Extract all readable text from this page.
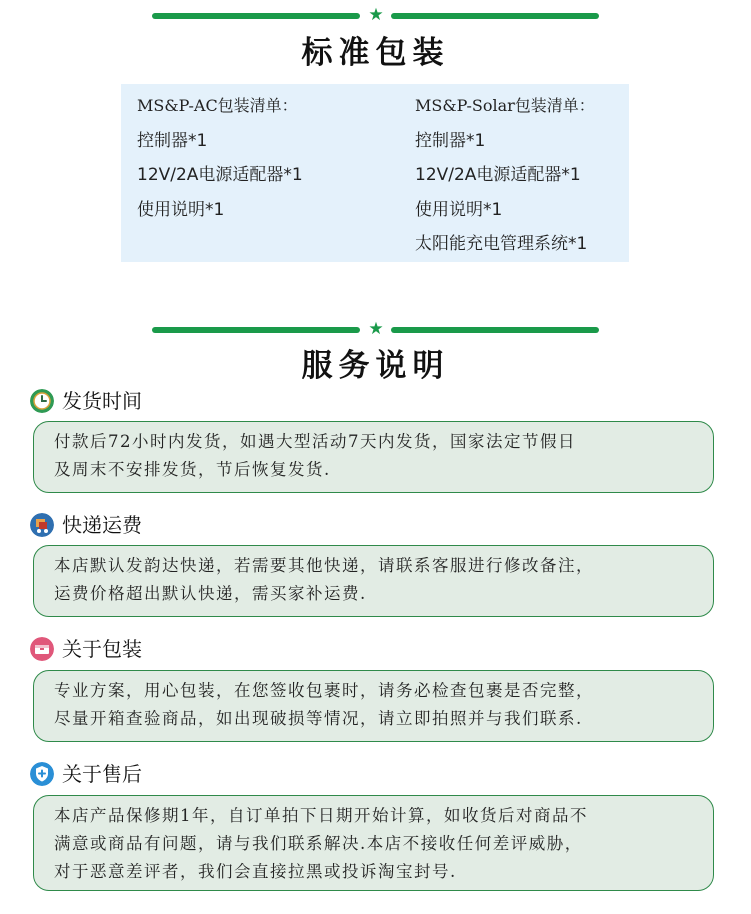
★
标准包装
MS&P-AC包装清单：
控制器*1
12V/2A电源适配器*1
使用说明*1
MS&P-Solar包装清单：
控制器*1
12V/2A电源适配器*1
使用说明*1
太阳能充电管理系统*1
★
服务说明
发货时间

付款后72小时内发货，如遇大型活动7天内发货，国家法定节假日

及周末不安排发货，节后恢复发货.

快递运费

本店默认发韵达快递，若需要其他快递，请联系客服进行修改备注，

运费价格超出默认快递，需买家补运费.

关于包装

专业方案，用心包装，在您签收包裹时，请务必检查包裹是否完整，

尽量开箱查验商品，如出现破损等情况，请立即拍照并与我们联系.

关于售后

本店产品保修期1年，自订单拍下日期开始计算，如收货后对商品不

满意或商品有问题，请与我们联系解决.本店不接收任何差评威胁，

对于恶意差评者，我们会直接拉黑或投诉淘宝封号.
